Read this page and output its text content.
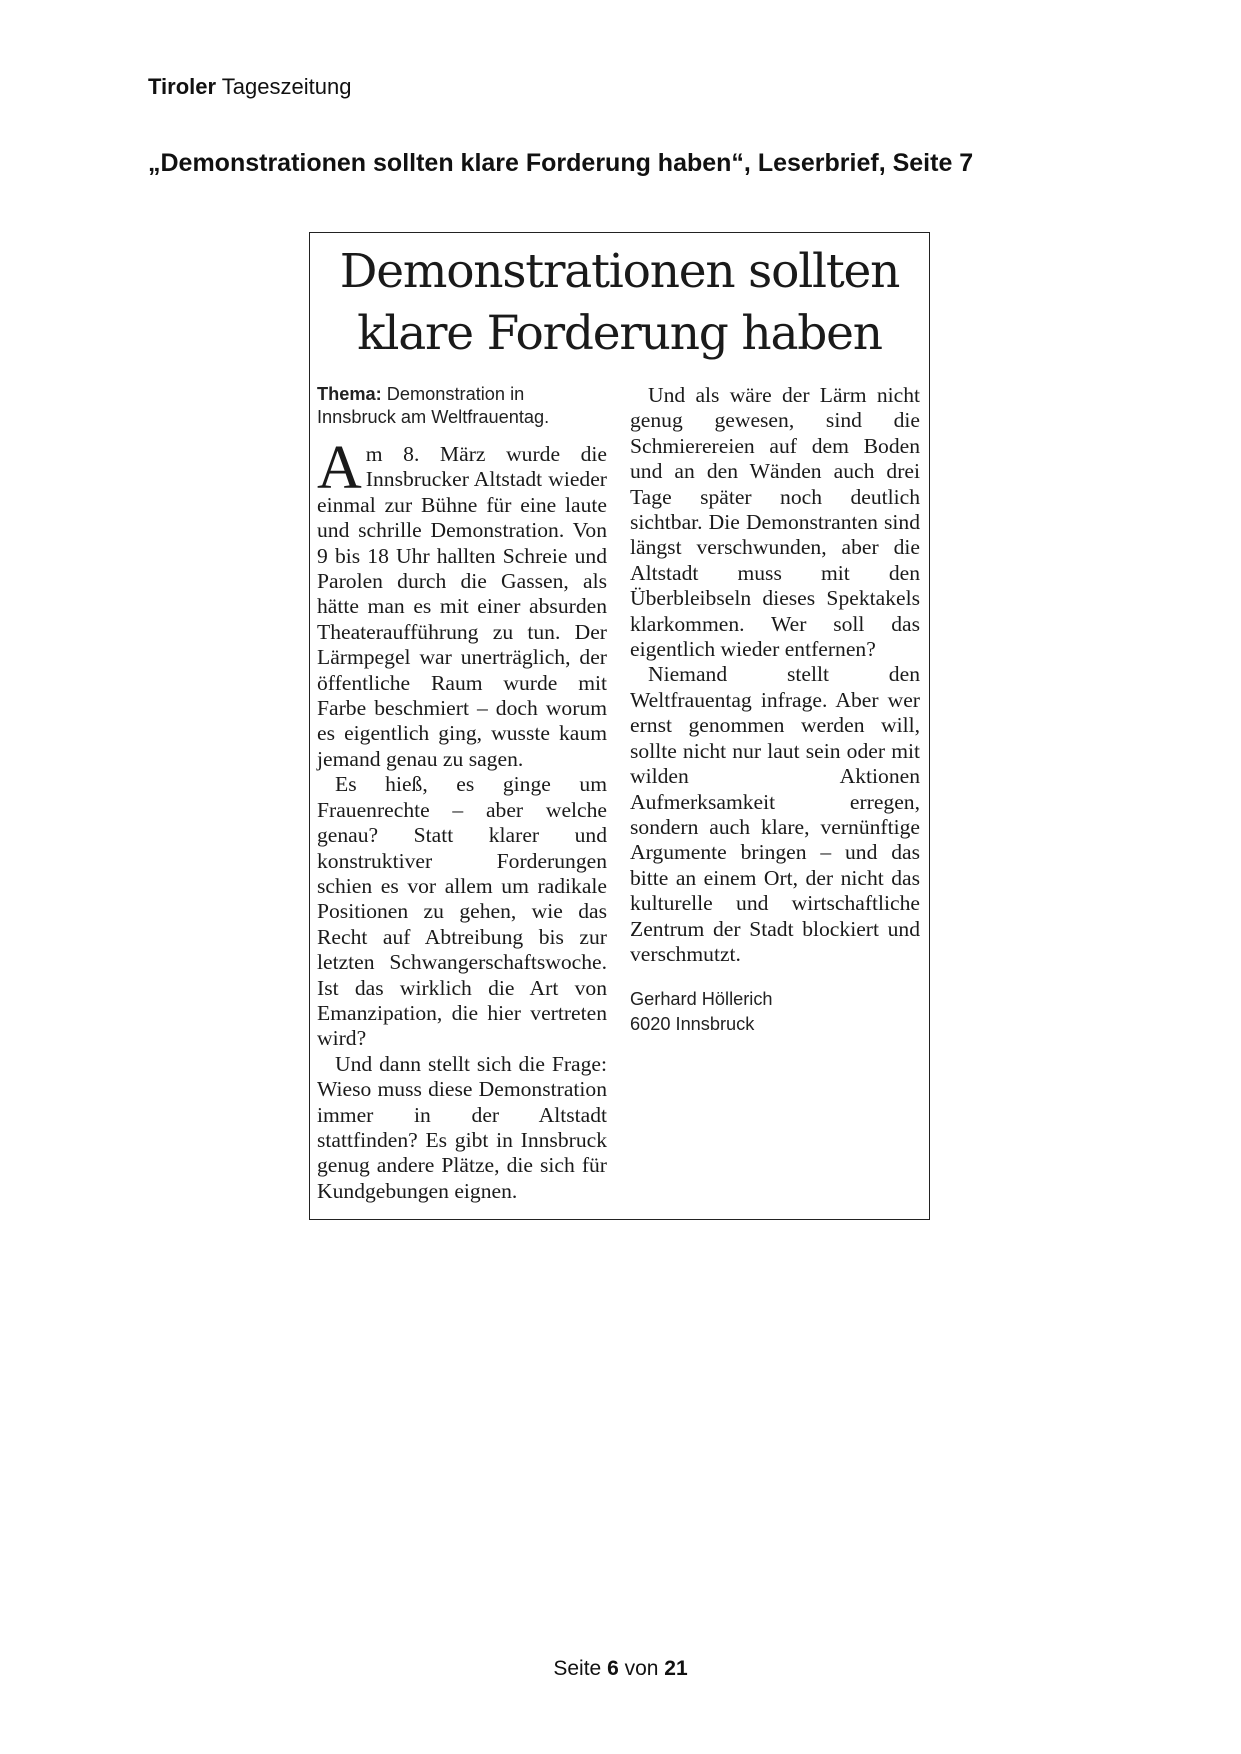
Tiroler Tageszeitung
„Demonstrationen sollten klare Forderung haben“, Leserbrief, Seite 7
Demonstrationen sollten
klare Forderung haben

Thema: Demonstration in Innsbruck am Weltfrauentag.

Am 8. März wurde die Innsbrucker Altstadt wieder einmal zur Bühne für eine laute und schrille Demonstration. Von 9 bis 18 Uhr hallten Schreie und Parolen durch die Gassen, als hätte man es mit einer absurden Theateraufführung zu tun. Der Lärmpegel war unerträglich, der öffentliche Raum wurde mit Farbe beschmiert – doch worum es eigentlich ging, wusste kaum jemand genau zu sagen.

Es hieß, es ginge um Frauenrechte – aber welche genau? Statt klarer und konstruktiver Forderungen schien es vor allem um radikale Positionen zu gehen, wie das Recht auf Abtreibung bis zur letzten Schwangerschaftswoche. Ist das wirklich die Art von Emanzipation, die hier vertreten wird?

Und dann stellt sich die Frage: Wieso muss diese Demonstration immer in der Altstadt stattfinden? Es gibt in Innsbruck genug andere Plätze, die sich für Kundgebungen eignen.

Und als wäre der Lärm nicht genug gewesen, sind die Schmierereien auf dem Boden und an den Wänden auch drei Tage später noch deutlich sichtbar. Die Demonstranten sind längst verschwunden, aber die Altstadt muss mit den Überbleibseln dieses Spektakels klarkommen. Wer soll das eigentlich wieder entfernen?

Niemand stellt den Weltfrauentag infrage. Aber wer ernst genommen werden will, sollte nicht nur laut sein oder mit wilden Aktionen Aufmerksamkeit erregen, sondern auch klare, vernünftige Argumente bringen – und das bitte an einem Ort, der nicht das kulturelle und wirtschaftliche Zentrum der Stadt blockiert und verschmutzt.

Gerhard Höllerich
6020 Innsbruck
Seite 6 von 21
